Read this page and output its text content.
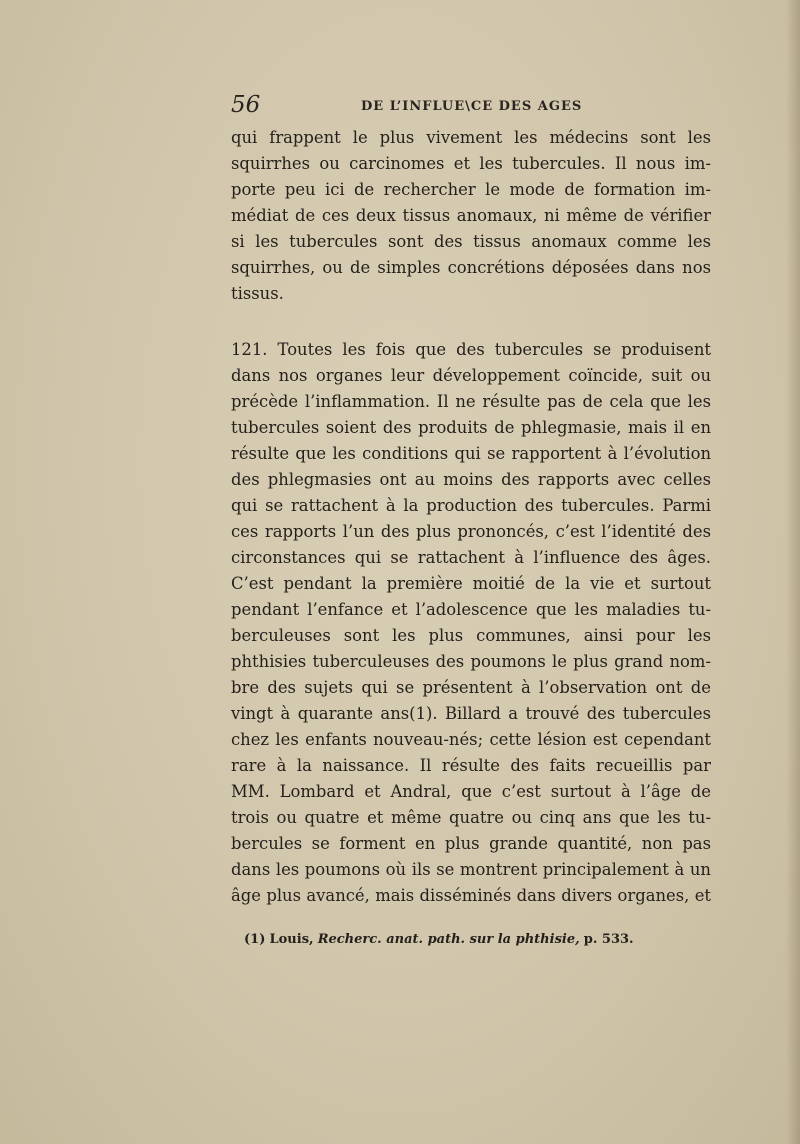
56	DE L’INFLUE\CE DES AGES
qui frappent le plus vivement les médecins sont les
squirrhes ou carcinomes et les tubercules. Il nous im-
porte peu ici de rechercher le mode de formation im-
médiat de ces deux tissus anomaux, ni même de vérifier
si les tubercules sont des tissus anomaux comme les
squirrhes, ou de simples concrétions déposées dans nos
tissus.
121. Toutes les fois que des tubercules se produisent
dans nos organes leur développement coïncide, suit ou
précède l’inflammation. Il ne résulte pas de cela que les
tubercules soient des produits de phlegmasie, mais il en
résulte que les conditions qui se rapportent à l’évolution
des phlegmasies ont au moins des rapports avec celles
qui se rattachent à la production des tubercules. Parmi
ces rapports l’un des plus prononcés, c’est l’identité des
circonstances qui se rattachent à l’influence des âges.
C’est pendant la première moitié de la vie et surtout
pendant l’enfance et l’adolescence que les maladies tu-
berculeuses sont les plus communes, ainsi pour les
phthisies tuberculeuses des poumons le plus grand nom-
bre des sujets qui se présentent à l’observation ont de
vingt à quarante ans(1). Billard a trouvé des tubercules
chez les enfants nouveau-nés; cette lésion est cependant
rare à la naissance. Il résulte des faits recueillis par
MM. Lombard et Andral, que c’est surtout à l’âge de
trois ou quatre et même quatre ou cinq ans que les tu-
bercules se forment en plus grande quantité, non pas
dans les poumons où ils se montrent principalement à un
âge plus avancé, mais disséminés dans divers organes, et
(1) Louis, Recherc. anat. path. sur la phthisie, p. 533.
